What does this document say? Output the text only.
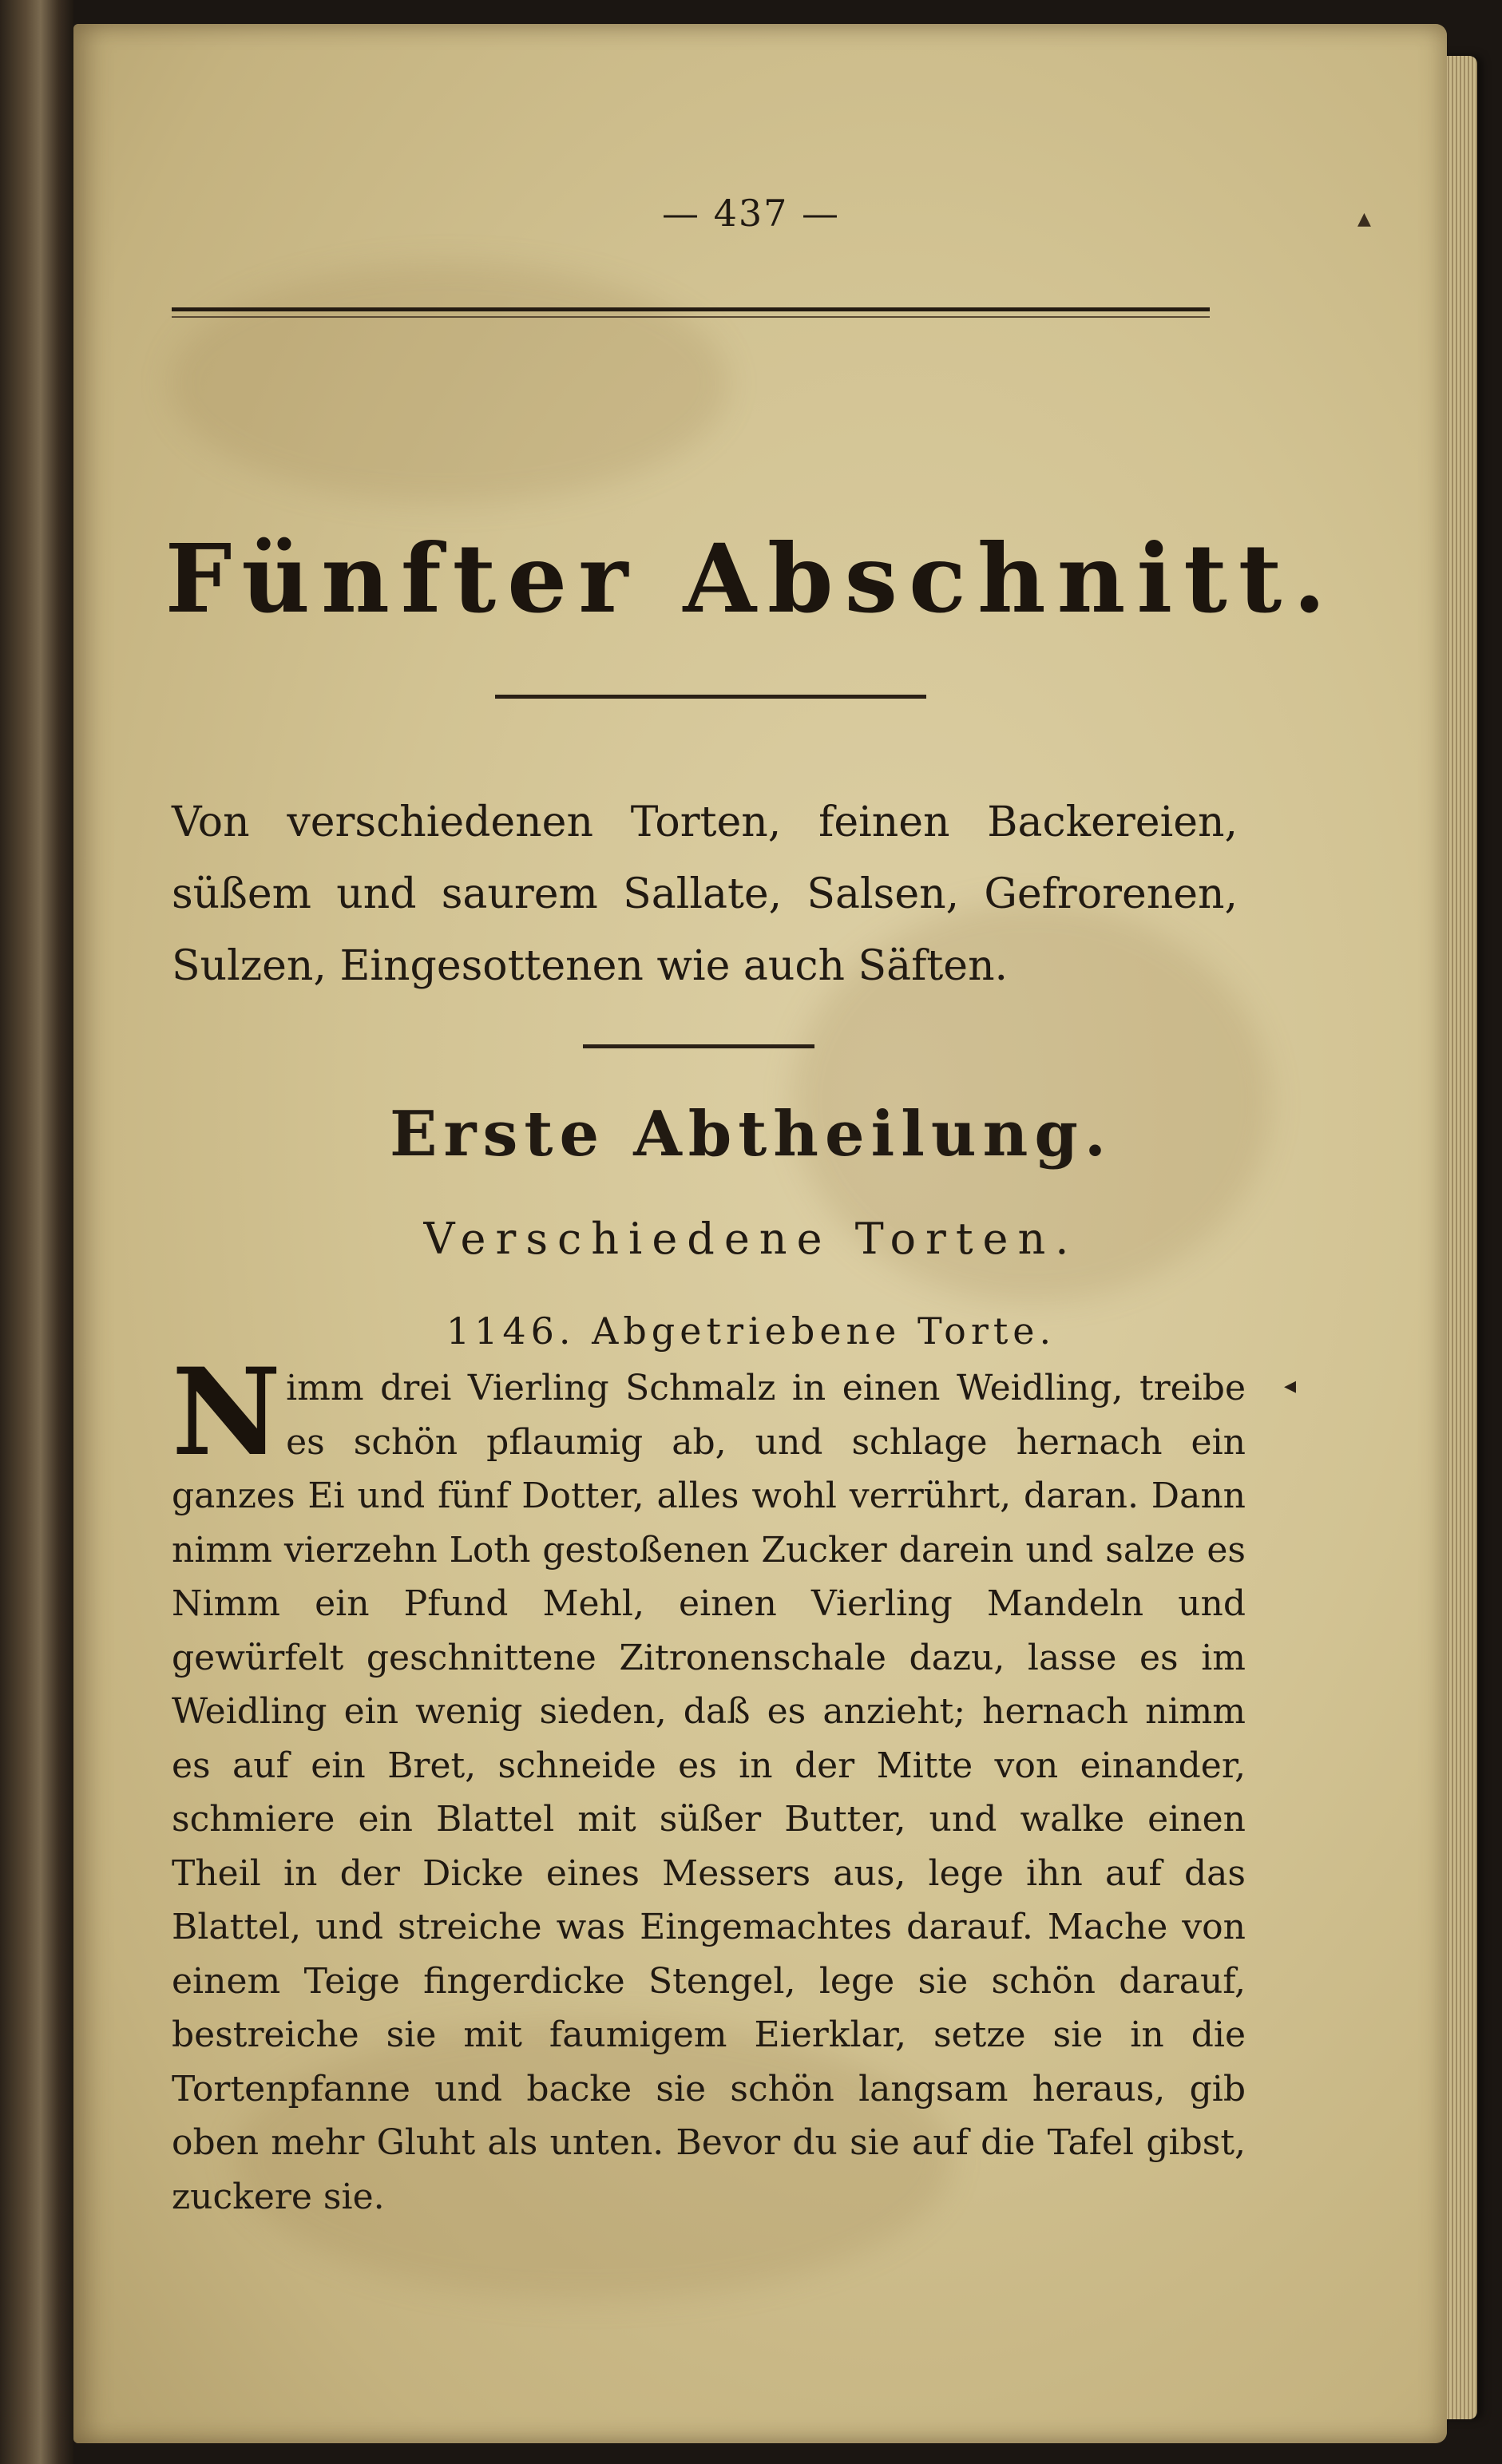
▲
— 437 —
Fünfter Abschnitt.
Von verschiedenen Torten, feinen Backereien, süßem und saurem Sallate, Salsen, Gefrorenen, Sulzen, Eingesottenen wie auch Säften.
Erste Abtheilung.
Verschiedene Torten.
1146. Abgetriebene Torte.
◂
N imm drei Vierling Schmalz in einen Weidling, treibe es schön pflaumig ab, und schlage hernach ein ganzes Ei und fünf Dotter, alles wohl verrührt, daran. Dann nimm vierzehn Loth gestoßenen Zucker darein und salze es Nimm ein Pfund Mehl, einen Vierling Mandeln und gewürfelt geschnittene Zitronenschale dazu, lasse es im Weidling ein wenig sieden, daß es anzieht; hernach nimm es auf ein Bret, schneide es in der Mitte von einander, schmiere ein Blattel mit süßer Butter, und walke einen Theil in der Dicke eines Messers aus, lege ihn auf das Blattel, und streiche was Eingemachtes darauf. Mache von einem Teige fingerdicke Stengel, lege sie schön darauf, bestreiche sie mit faumigem Eierklar, setze sie in die Tortenpfanne und backe sie schön langsam heraus, gib oben mehr Gluht als unten. Bevor du sie auf die Tafel gibst, zuckere sie.
